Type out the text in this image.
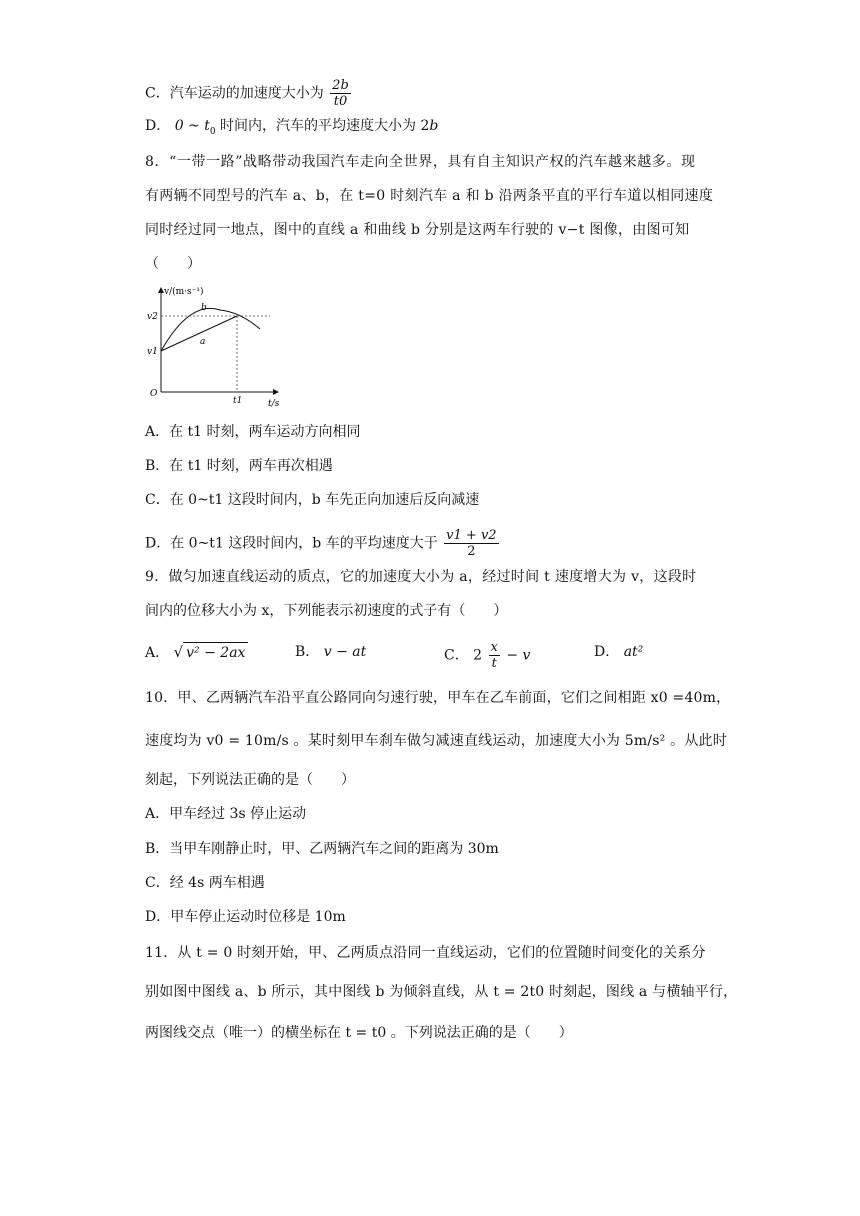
C．汽车运动的加速度大小为 $\frac{2b}{t0}$
D． 0 ~ $t_0$ 时间内，汽车的平均速度大小为 2b
8．“一带一路”战略带动我国汽车走向全世界，具有自主知识产权的汽车越来越多。现
有两辆不同型号的汽车 a、b，在 t=0 时刻汽车 a 和 b 沿两条平直的平行车道以相同速度
同时经过同一地点，图中的直线 a 和曲线 b 分别是这两车行驶的 v−t 图像，由图可知
（　　）
v/(m·s⁻¹)
t/s
O
v2
v1
t1
a
b
A．在 t1 时刻，两车运动方向相同
B．在 t1 时刻，两车再次相遇
C．在 0~t1 这段时间内，b 车先正向加速后反向减速
D．在 0~t1 这段时间内，b 车的平均速度大于 $\frac{v1 + v2}{2}$
9．做匀加速直线运动的质点，它的加速度大小为 a，经过时间 t 速度增大为 v，这段时
间内的位移大小为 x，下列能表示初速度的式子有（　　）
A． √ v² − 2ax	B． v − at	C． $2 \frac{x}{t} - v$	D． at²
10．甲、乙两辆汽车沿平直公路同向匀速行驶，甲车在乙车前面，它们之间相距 x0 =40m，
速度均为 v0 = 10m/s 。某时刻甲车刹车做匀减速直线运动，加速度大小为 5m/s² 。从此时
刻起，下列说法正确的是（　　）
A．甲车经过 3s 停止运动
B．当甲车刚静止时，甲、乙两辆汽车之间的距离为 30m
C．经 4s 两车相遇
D．甲车停止运动时位移是 10m
11．从 t = 0 时刻开始，甲、乙两质点沿同一直线运动，它们的位置随时间变化的关系分
别如图中图线 a、b 所示，其中图线 b 为倾斜直线，从 t = 2t0 时刻起，图线 a 与横轴平行，
两图线交点（唯一）的横坐标在 t = t0 。下列说法正确的是（　　）
